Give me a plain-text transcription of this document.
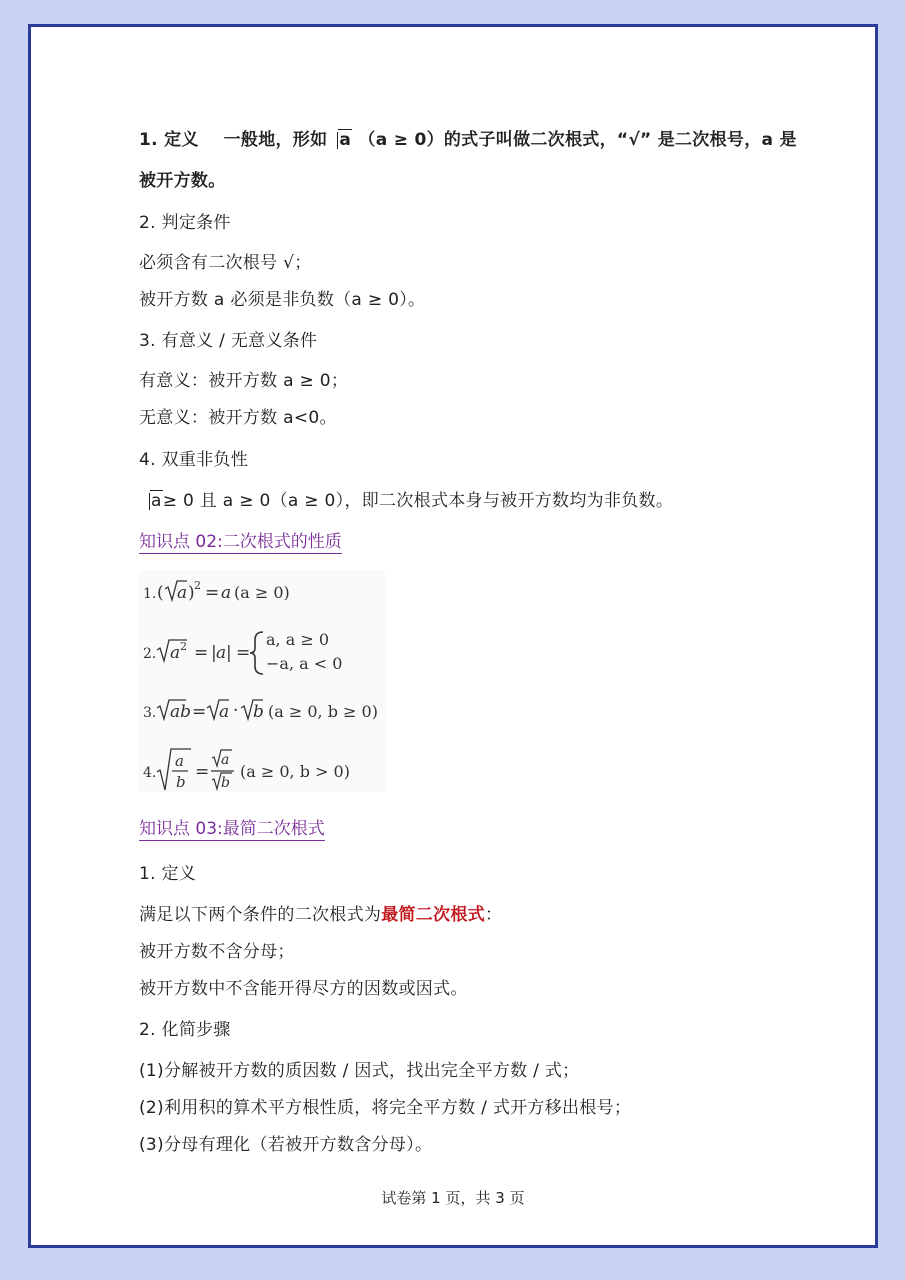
1. 定义 一般地，形如 a （a ≥ 0）的式子叫做二次根式，“√” 是二次根号，a 是
被开方数。
2. 判定条件
必须含有二次根号 √；
被开方数 a 必须是非负数（a ≥ 0）。
3. 有意义 / 无意义条件
有意义：被开方数 a ≥ 0；
无意义：被开方数 a<0。
4. 双重非负性
a≥ 0 且 a ≥ 0（a ≥ 0），即二次根式本身与被开方数均为非负数。
知识点 02:二次根式的性质
1. ( a ) 2 = a (a ≥ 0)
2. a 2 = | a | =
a, a ≥ 0
−a, a < 0
3. ab = a · b (a ≥ 0, b ≥ 0)
4.
a
b =
a
b
(a ≥ 0, b > 0)
知识点 03:最简二次根式
1. 定义
满足以下两个条件的二次根式为最简二次根式：
被开方数不含分母；
被开方数中不含能开得尽方的因数或因式。
2. 化简步骤
(1)分解被开方数的质因数 / 因式，找出完全平方数 / 式；
(2)利用积的算术平方根性质，将完全平方数 / 式开方移出根号；
(3)分母有理化（若被开方数含分母）。
试卷第 1 页，共 3 页
